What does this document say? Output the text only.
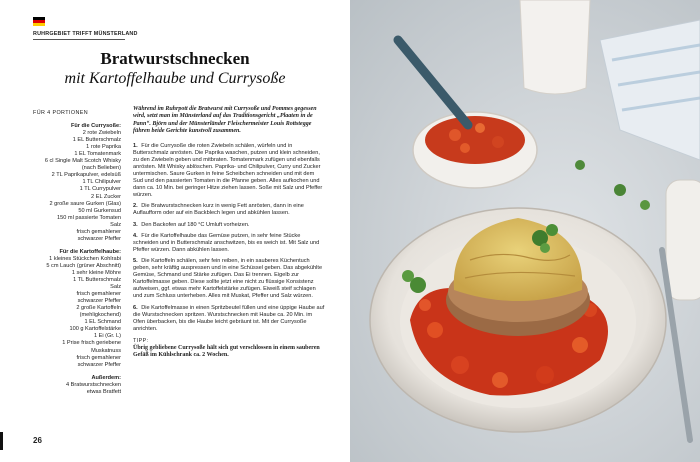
RUHRGEBIET TRIFFT MÜNSTERLAND
Bratwurstschnecken
mit Kartoffelhaube und Currysoße
FÜR 4 PORTIONEN
Für die Currysoße:
2 rote Zwiebeln
1 EL Butterschmalz
1 rote Paprika
1 EL Tomatenmark
6 cl Single Malt Scotch Whisky
(nach Belieben)
2 TL Paprikapulver, edelsüß
1 TL Chilipulver
1 TL Currypulver
2 EL Zucker
2 große saure Gurken (Glas)
50 ml Gurkensud
150 ml passierte Tomaten
Salz
frisch gemahlener
schwarzer Pfeffer
Für die Kartoffelhaube:
1 kleines Stückchen Kohlrabi
5 cm Lauch (grüner Abschnitt)
1 sehr kleine Möhre
1 TL Butterschmalz
Salz
frisch gemahlener
schwarzer Pfeffer
2 große Kartoffeln
(mehligkochend)
1 EL Schmand
100 g Kartoffelstärke
1 Ei (Gr. L)
1 Prise frisch geriebene
Muskatnuss
frisch gemahlener
schwarzer Pfeffer
Außerdem:
4 Bratwurstschnecken
etwas Bratfett
Während im Ruhrpott die Bratwurst mit Currysoße und Pommes gegessen wird, setzt man im Münsterland auf das Traditionsgericht „Plaaten in de Pann“. Björn und der Münsterländer Fleischermeister Louis Rottstegge führen beide Gerichte kunstvoll zusammen.
1. Für die Currysoße die roten Zwiebeln schälen, würfeln und in Butterschmalz anrösten. Die Paprika waschen, putzen und klein schneiden, zu den Zwiebeln geben und mitbraten. Tomatenmark zufügen und ebenfalls anrösten. Mit Whisky ablöschen. Paprika- und Chilipulver, Curry und Zucker untermischen. Saure Gurken in feine Scheibchen schneiden und mit dem Sud und den passierten Tomaten in die Pfanne geben. Alles aufkochen und dann ca. 10 Min. bei geringer Hitze ziehen lassen. Soße mit Salz und Pfeffer würzen.
2. Die Bratwurstschnecken kurz in wenig Fett anrösten, dann in eine Auflaufform oder auf ein Backblech legen und abkühlen lassen.
3. Den Backofen auf 180 °C Umluft vorheizen.
4. Für die Kartoffelhaube das Gemüse putzen, in sehr feine Stücke schneiden und in Butterschmalz anschwitzen, bis es weich ist. Mit Salz und Pfeffer würzen. Dann abkühlen lassen.
5. Die Kartoffeln schälen, sehr fein reiben, in ein sauberes Küchentuch geben, sehr kräftig auspressen und in eine Schüssel geben. Das abgekühlte Gemüse, Schmand und Stärke zufügen. Das Ei trennen. Eigelb zur Kartoffelmasse geben. Diese sollte jetzt eine nicht zu flüssige Konsistenz aufweisen, ggf. etwas mehr Kartoffelstärke zufügen. Eiweiß steif schlagen und zum Schluss unterheben. Alles mit Muskat, Pfeffer und Salz würzen.
6. Die Kartoffelmasse in einen Spritzbeutel füllen und eine üppige Haube auf die Wurstschnecken spritzen. Wurstschnecken mit Haube ca. 20 Min. im Ofen überbacken, bis die Haube leicht gebräunt ist. Mit der Currysoße anrichten.
TIPP:
Übrig gebliebene Currysoße hält sich gut verschlossen in einem sauberen Gefäß im Kühlschrank ca. 2 Wochen.
26
